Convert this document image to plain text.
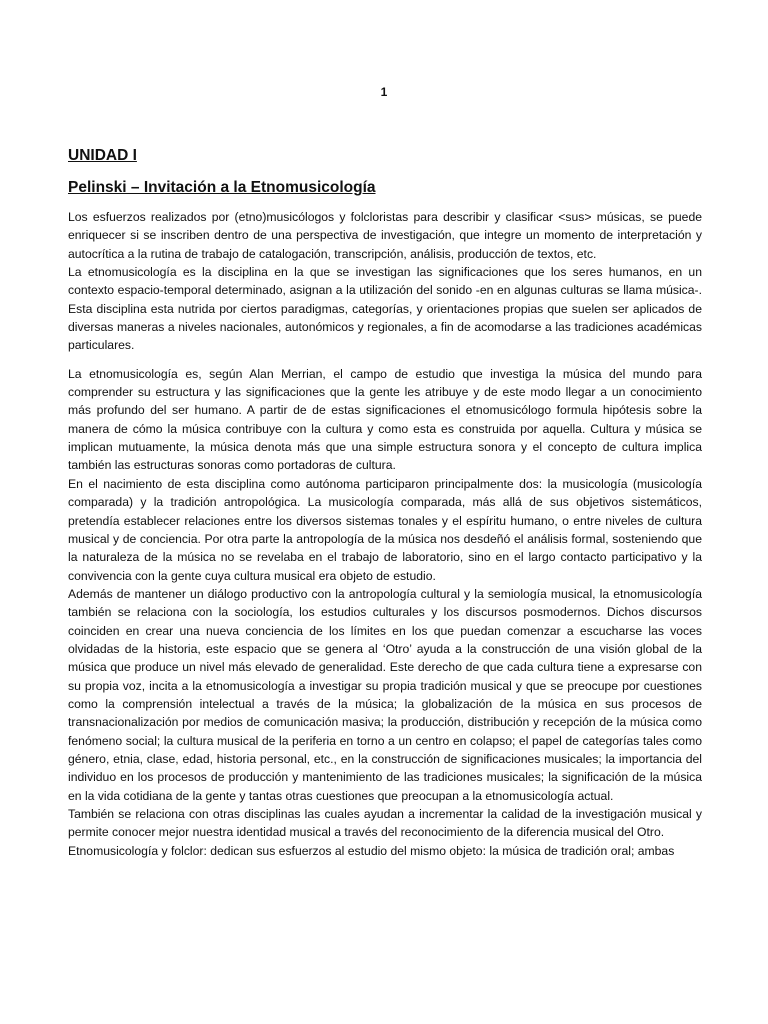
1
UNIDAD I
Pelinski – Invitación a la Etnomusicología

Los esfuerzos realizados por (etno)musicólogos y folcloristas para describir y clasificar <sus> músicas, se puede enriquecer si se inscriben dentro de una perspectiva de investigación, que integre un momento de interpretación y autocrítica a la rutina de trabajo de catalogación, transcripción, análisis, producción de textos, etc.

La etnomusicología es la disciplina en la que se investigan las significaciones que los seres humanos, en un contexto espacio-temporal determinado, asignan a la utilización del sonido -en en algunas culturas se llama música-. Esta disciplina esta nutrida por ciertos paradigmas, categorías, y orientaciones propias que suelen ser aplicados de diversas maneras a niveles nacionales, autonómicos y regionales, a fin de acomodarse a las tradiciones académicas particulares.

La etnomusicología es, según Alan Merrian, el campo de estudio que investiga la música del mundo para comprender su estructura y las significaciones que la gente les atribuye y de este modo llegar a un conocimiento más profundo del ser humano. A partir de de estas significaciones el etnomusicólogo formula hipótesis sobre la manera de cómo la música contribuye con la cultura y como esta es construida por aquella. Cultura y música se implican mutuamente, la música denota más que una simple estructura sonora y el concepto de cultura implica también las estructuras sonoras como portadoras de cultura.

En el nacimiento de esta disciplina como autónoma participaron principalmente dos: la musicología (musicología comparada) y la tradición antropológica. La musicología comparada, más allá de sus objetivos sistemáticos, pretendía establecer relaciones entre los diversos sistemas tonales y el espíritu humano, o entre niveles de cultura musical y de conciencia. Por otra parte la antropología de la música nos desdeñó el análisis formal, sosteniendo que la naturaleza de la música no se revelaba en el trabajo de laboratorio, sino en el largo contacto participativo y la convivencia con la gente cuya cultura musical era objeto de estudio.

Además de mantener un diálogo productivo con la antropología cultural y la semiología musical, la etnomusicología también se relaciona con la sociología, los estudios culturales y los discursos posmodernos. Dichos discursos coinciden en crear una nueva conciencia de los límites en los que puedan comenzar a escucharse las voces olvidadas de la historia, este espacio que se genera al ‘Otro’ ayuda a la construcción de una visión global de la música que produce un nivel más elevado de generalidad. Este derecho de que cada cultura tiene a expresarse con su propia voz, incita a la etnomusicología a investigar su propia tradición musical y que se preocupe por cuestiones como la comprensión intelectual a través de la música; la globalización de la música en sus procesos de transnacionalización por medios de comunicación masiva; la producción, distribución y recepción de la música como fenómeno social; la cultura musical de la periferia en torno a un centro en colapso; el papel de categorías tales como género, etnia, clase, edad, historia personal, etc., en la construcción de significaciones musicales; la importancia del individuo en los procesos de producción y mantenimiento de las tradiciones musicales; la significación de la música en la vida cotidiana de la gente y tantas otras cuestiones que preocupan a la etnomusicología actual.

También se relaciona con otras disciplinas las cuales ayudan a incrementar la calidad de la investigación musical y permite conocer mejor nuestra identidad musical a través del reconocimiento de la diferencia musical del Otro.

Etnomusicología y folclor: dedican sus esfuerzos al estudio del mismo objeto: la música de tradición oral; ambas
